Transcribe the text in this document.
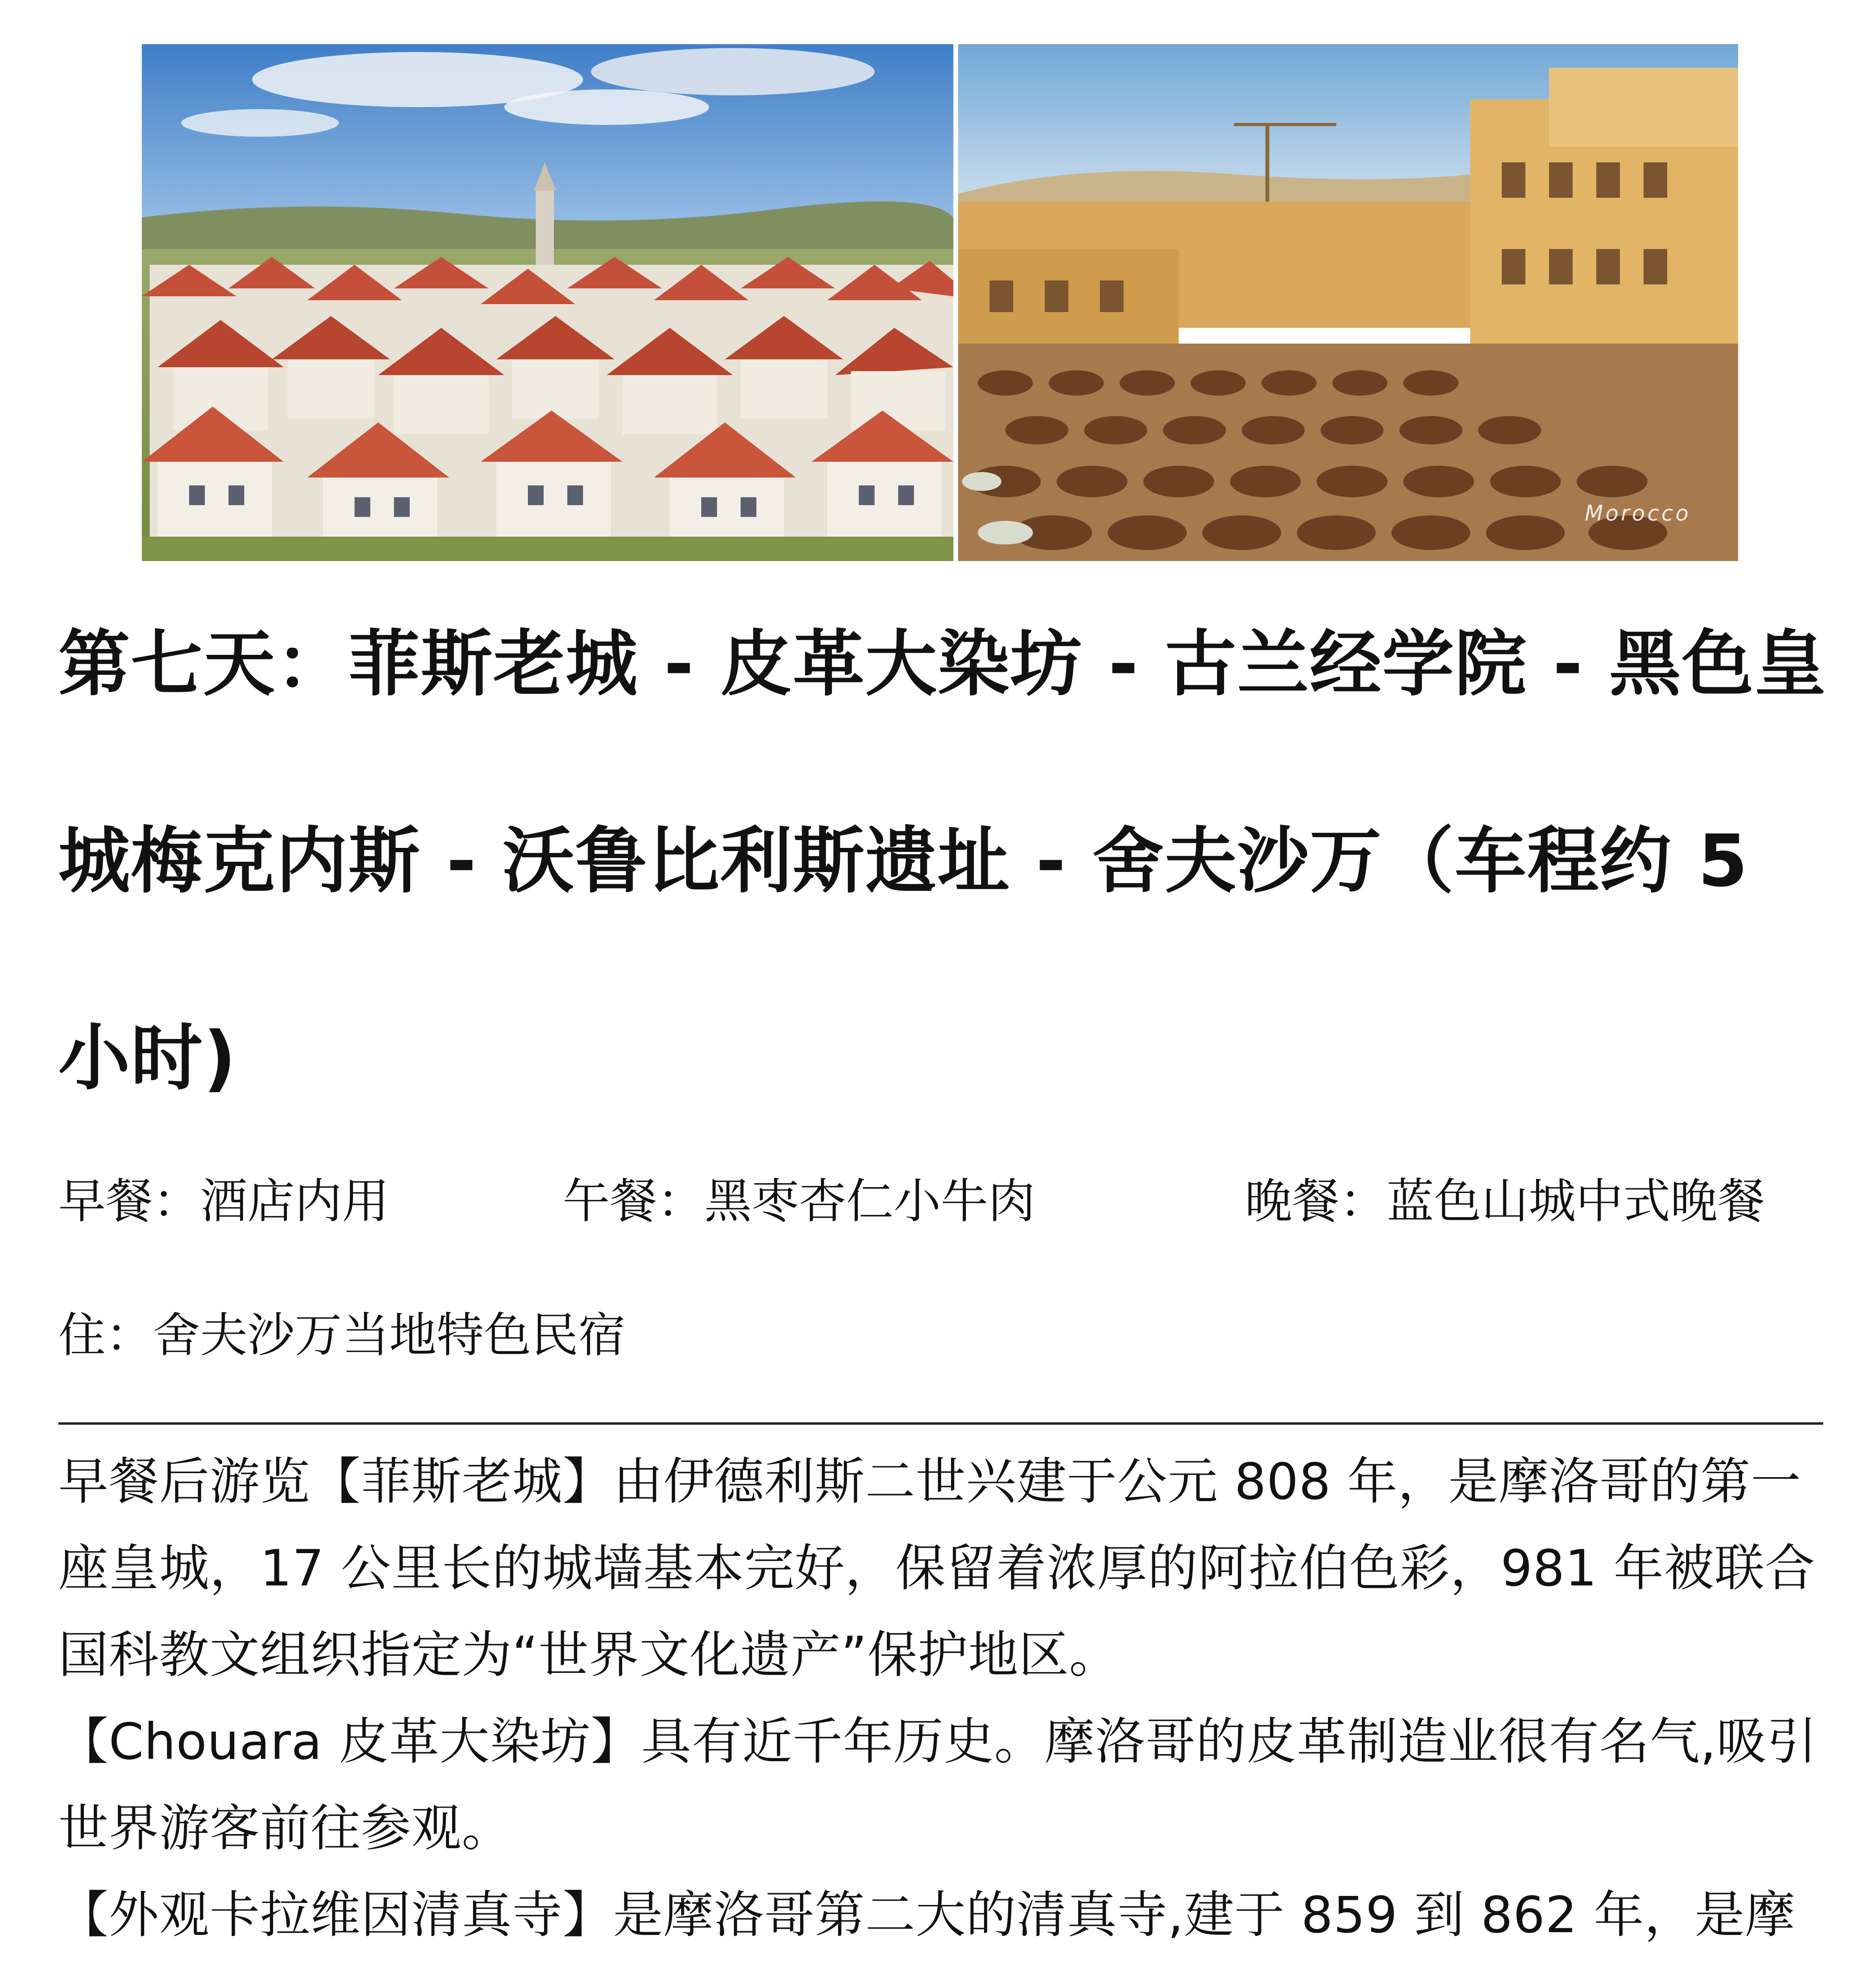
Morocco
第七天：菲斯老城 - 皮革大染坊 - 古兰经学院 - 黑色皇城梅克内斯 - 沃鲁比利斯遗址 - 舍夫沙万（车程约 5 小时)
早餐：酒店内用	午餐：黑枣杏仁小牛肉	晚餐：蓝色山城中式晚餐
住：舍夫沙万当地特色民宿

早餐后游览【菲斯老城】由伊德利斯二世兴建于公元 808 年，是摩洛哥的第一座皇城，17 公里长的城墙基本完好，保留着浓厚的阿拉伯色彩，981 年被联合国科教文组织指定为“世界文化遗产”保护地区。

【Chouara 皮革大染坊】具有近千年历史。摩洛哥的皮革制造业很有名气,吸引世界游客前往参观。

【外观卡拉维因清真寺】是摩洛哥第二大的清真寺,建于 859 到 862 年，是摩
